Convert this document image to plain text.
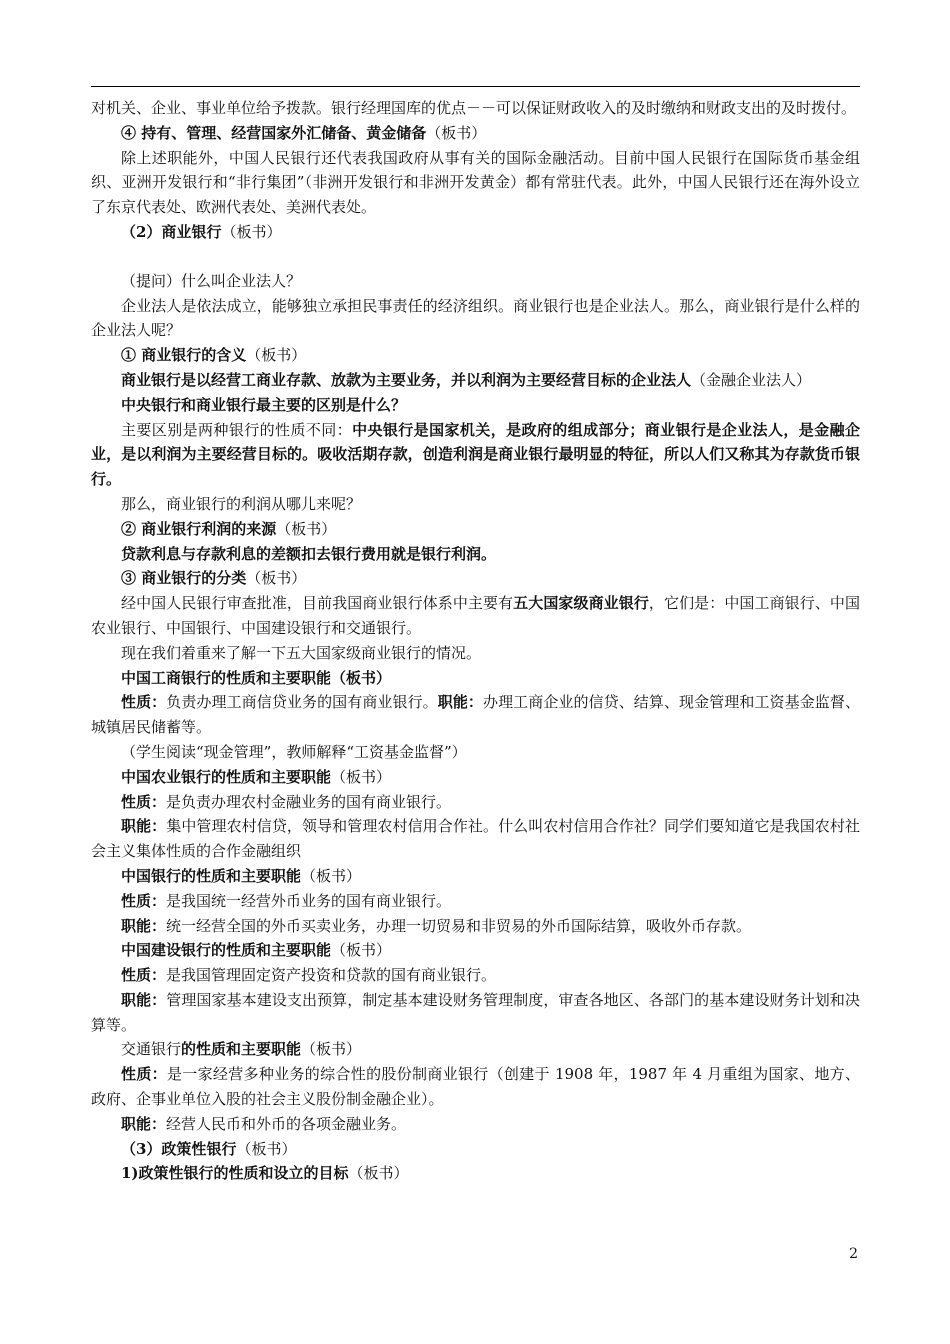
对机关、企业、事业单位给予拨款。银行经理国库的优点－－可以保证财政收入的及时缴纳和财政支出的及时拨付。

④ 持有、管理、经营国家外汇储备、黄金储备（板书）

除上述职能外，中国人民银行还代表我国政府从事有关的国际金融活动。目前中国人民银行在国际货币基金组织、亚洲开发银行和“非行集团”（非洲开发银行和非洲开发黄金）都有常驻代表。此外，中国人民银行还在海外设立了东京代表处、欧洲代表处、美洲代表处。

（2）商业银行（板书）

（提问）什么叫企业法人？

企业法人是依法成立，能够独立承担民事责任的经济组织。商业银行也是企业法人。那么，商业银行是什么样的企业法人呢？

① 商业银行的含义（板书）

商业银行是以经营工商业存款、放款为主要业务，并以利润为主要经营目标的企业法人（金融企业法人）

中央银行和商业银行最主要的区别是什么？

主要区别是两种银行的性质不同：中央银行是国家机关，是政府的组成部分；商业银行是企业法人，是金融企业，是以利润为主要经营目标的。吸收活期存款，创造利润是商业银行最明显的特征，所以人们又称其为存款货币银行。

那么，商业银行的利润从哪儿来呢？

② 商业银行利润的来源（板书）

贷款利息与存款利息的差额扣去银行费用就是银行利润。

③ 商业银行的分类（板书）

经中国人民银行审查批准，目前我国商业银行体系中主要有五大国家级商业银行，它们是：中国工商银行、中国农业银行、中国银行、中国建设银行和交通银行。

现在我们着重来了解一下五大国家级商业银行的情况。

中国工商银行的性质和主要职能（板书）

性质：负责办理工商信贷业务的国有商业银行。职能：办理工商企业的信贷、结算、现金管理和工资基金监督、城镇居民储蓄等。

（学生阅读“现金管理”，教师解释“工资基金监督”）

中国农业银行的性质和主要职能（板书）

性质：是负责办理农村金融业务的国有商业银行。

职能：集中管理农村信贷，领导和管理农村信用合作社。什么叫农村信用合作社？同学们要知道它是我国农村社会主义集体性质的合作金融组织

中国银行的性质和主要职能（板书）

性质：是我国统一经营外币业务的国有商业银行。

职能：统一经营全国的外币买卖业务，办理一切贸易和非贸易的外币国际结算，吸收外币存款。

中国建设银行的性质和主要职能（板书）

性质：是我国管理固定资产投资和贷款的国有商业银行。

职能：管理国家基本建设支出预算，制定基本建设财务管理制度，审查各地区、各部门的基本建设财务计划和决算等。

交通银行的性质和主要职能（板书）

性质：是一家经营多种业务的综合性的股份制商业银行（创建于 1908 年，1987 年 4 月重组为国家、地方、政府、企事业单位入股的社会主义股份制金融企业）。

职能：经营人民币和外币的各项金融业务。

（3）政策性银行（板书）

1)政策性银行的性质和设立的目标（板书）

2
